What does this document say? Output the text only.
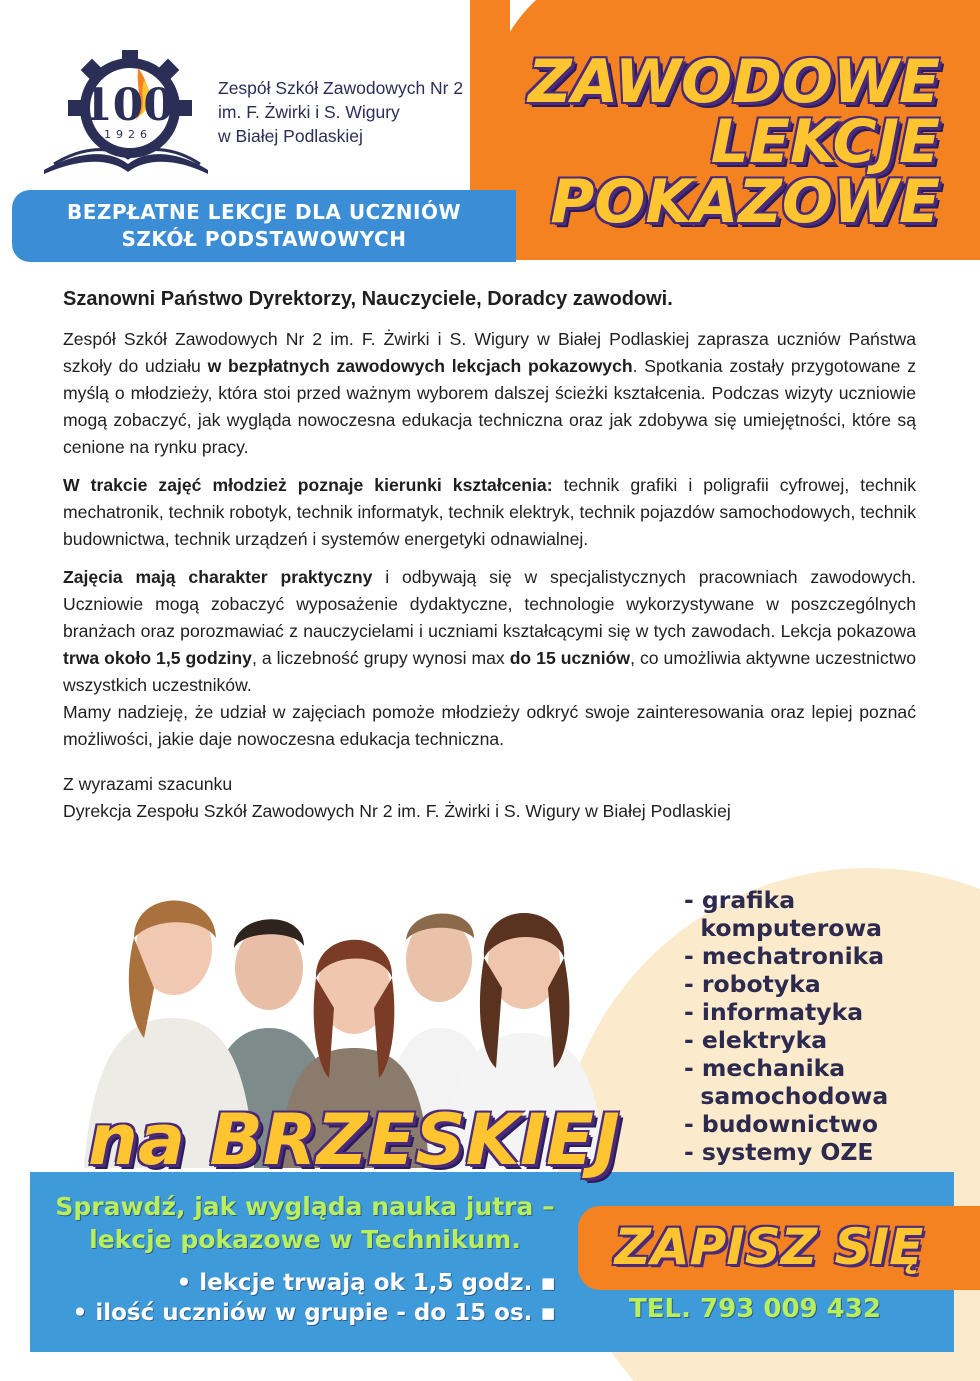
100
1926
Zespół Szkół Zawodowych Nr 2
im. F. Żwirki i S. Wigury
w Białej Podlaskiej
BEZPŁATNE LEKCJE DLA UCZNIÓW
SZKÓŁ PODSTAWOWYCH
ZAWODOWE
LEKCJE
POKAZOWE
Szanowni Państwo Dyrektorzy, Nauczyciele, Doradcy zawodowi.

Zespół Szkół Zawodowych Nr 2 im. F. Żwirki i S. Wigury w Białej Podlaskiej zaprasza uczniów Państwa szkoły do udziału w bezpłatnych zawodowych lekcjach pokazowych. Spotkania zostały przygotowane z myślą o młodzieży, która stoi przed ważnym wyborem dalszej ścieżki kształcenia. Podczas wizyty uczniowie mogą zobaczyć, jak wygląda nowoczesna edukacja techniczna oraz jak zdobywa się umiejętności, które są cenione na rynku pracy.

W trakcie zajęć młodzież poznaje kierunki kształcenia: technik grafiki i poligrafii cyfrowej, technik mechatronik, technik robotyk, technik informatyk, technik elektryk, technik pojazdów samochodowych, technik budownictwa, technik urządzeń i systemów energetyki odnawialnej.

Zajęcia mają charakter praktyczny i odbywają się w specjalistycznych pracowniach zawodowych. Uczniowie mogą zobaczyć wyposażenie dydaktyczne, technologie wykorzystywane w poszczególnych branżach oraz porozmawiać z nauczycielami i uczniami kształcącymi się w tych zawodach. Lekcja pokazowa trwa około 1,5 godziny, a liczebność grupy wynosi max do 15 uczniów, co umożliwia aktywne uczestnictwo wszystkich uczestników.

Mamy nadzieję, że udział w zajęciach pomoże młodzieży odkryć swoje zainteresowania oraz lepiej poznać możliwości, jakie daje nowoczesna edukacja techniczna.

Z wyrazami szacunku
Dyrekcja Zespołu Szkół Zawodowych Nr 2 im. F. Żwirki i S. Wigury w Białej Podlaskiej
- grafika
komputerowa
- mechatronika
- robotyka
- informatyka
- elektryka
- mechanika
samochodowa
- budownictwo
- systemy OZE
na BRZESKIEJ
Sprawdź, jak wygląda nauka jutra –
lekcje pokazowe w Technikum.
• lekcje trwają ok 1,5 godz. ▪
• ilość uczniów w grupie - do 15 os. ▪
ZAPISZ SIĘ
TEL. 793 009 432
